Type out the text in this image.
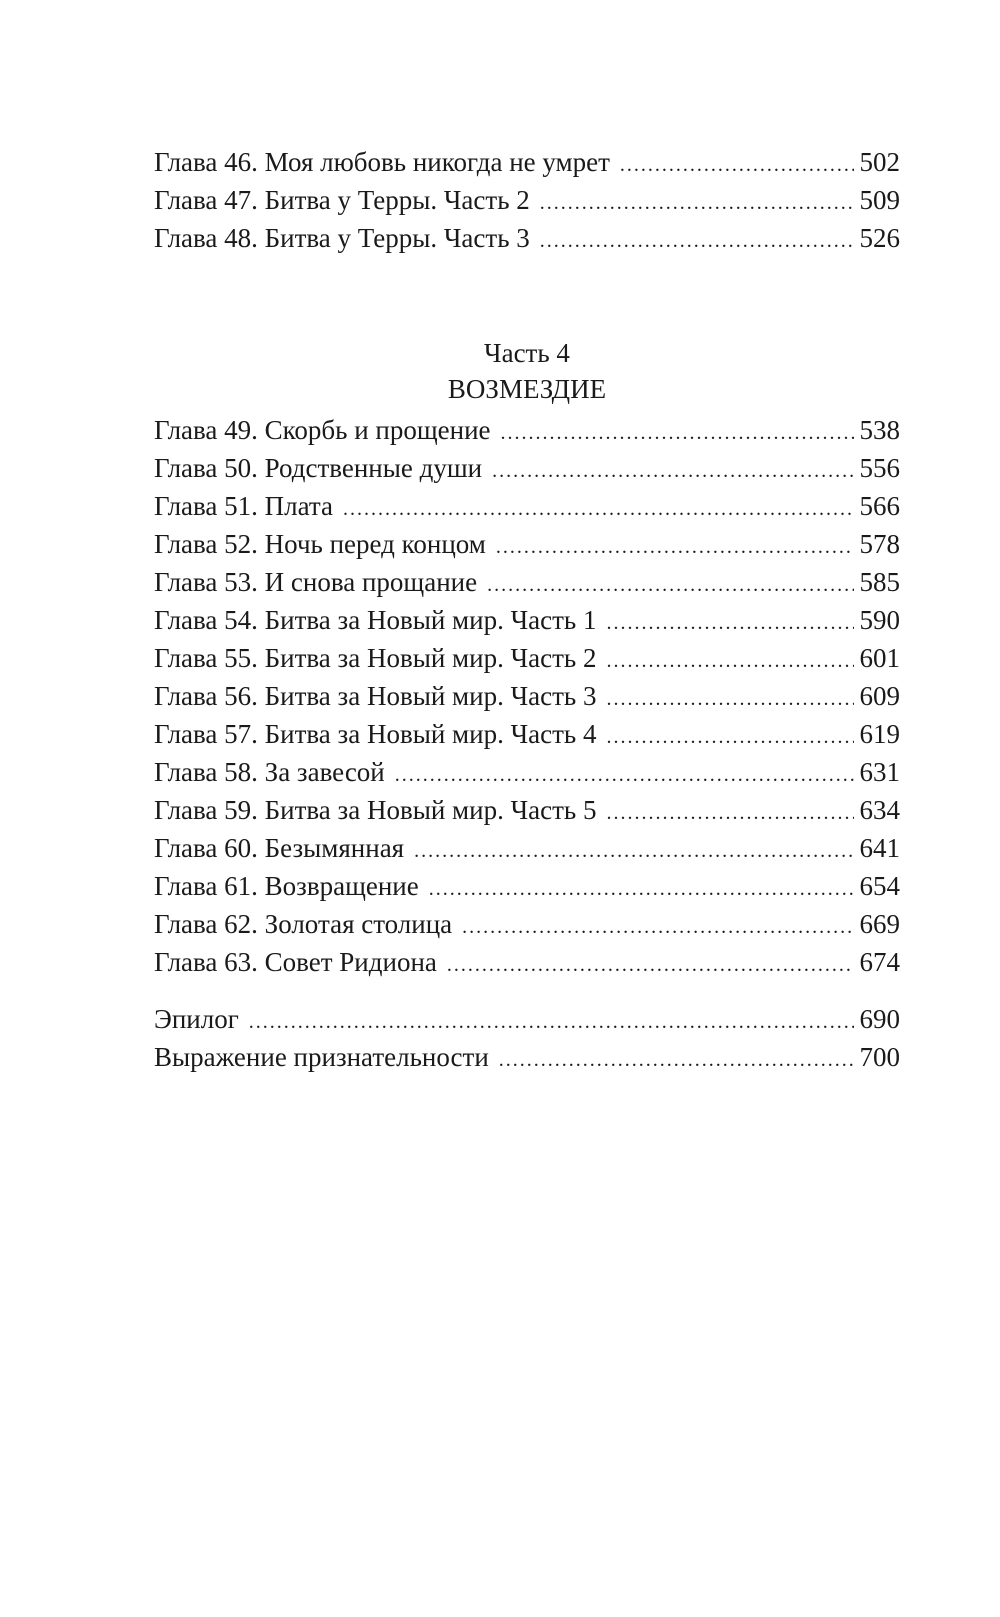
Глава 46. Моя любовь никогда не умрет .....	502
Глава 47. Битва у Терры. Часть 2 .....	509
Глава 48. Битва у Терры. Часть 3 .....	526
Часть 4
ВОЗМЕЗДИЕ
Глава 49. Скорбь и прощение .....	538
Глава 50. Родственные души .....	556
Глава 51. Плата .....	566
Глава 52. Ночь перед концом .....	578
Глава 53. И снова прощание .....	585
Глава 54. Битва за Новый мир. Часть 1 .....	590
Глава 55. Битва за Новый мир. Часть 2 .....	601
Глава 56. Битва за Новый мир. Часть 3 .....	609
Глава 57. Битва за Новый мир. Часть 4 .....	619
Глава 58. За завесой .....	631
Глава 59. Битва за Новый мир. Часть 5 .....	634
Глава 60. Безымянная .....	641
Глава 61. Возвращение .....	654
Глава 62. Золотая столица .....	669
Глава 63. Совет Ридиона .....	674
Эпилог .....	690
Выражение признательности .....	700
